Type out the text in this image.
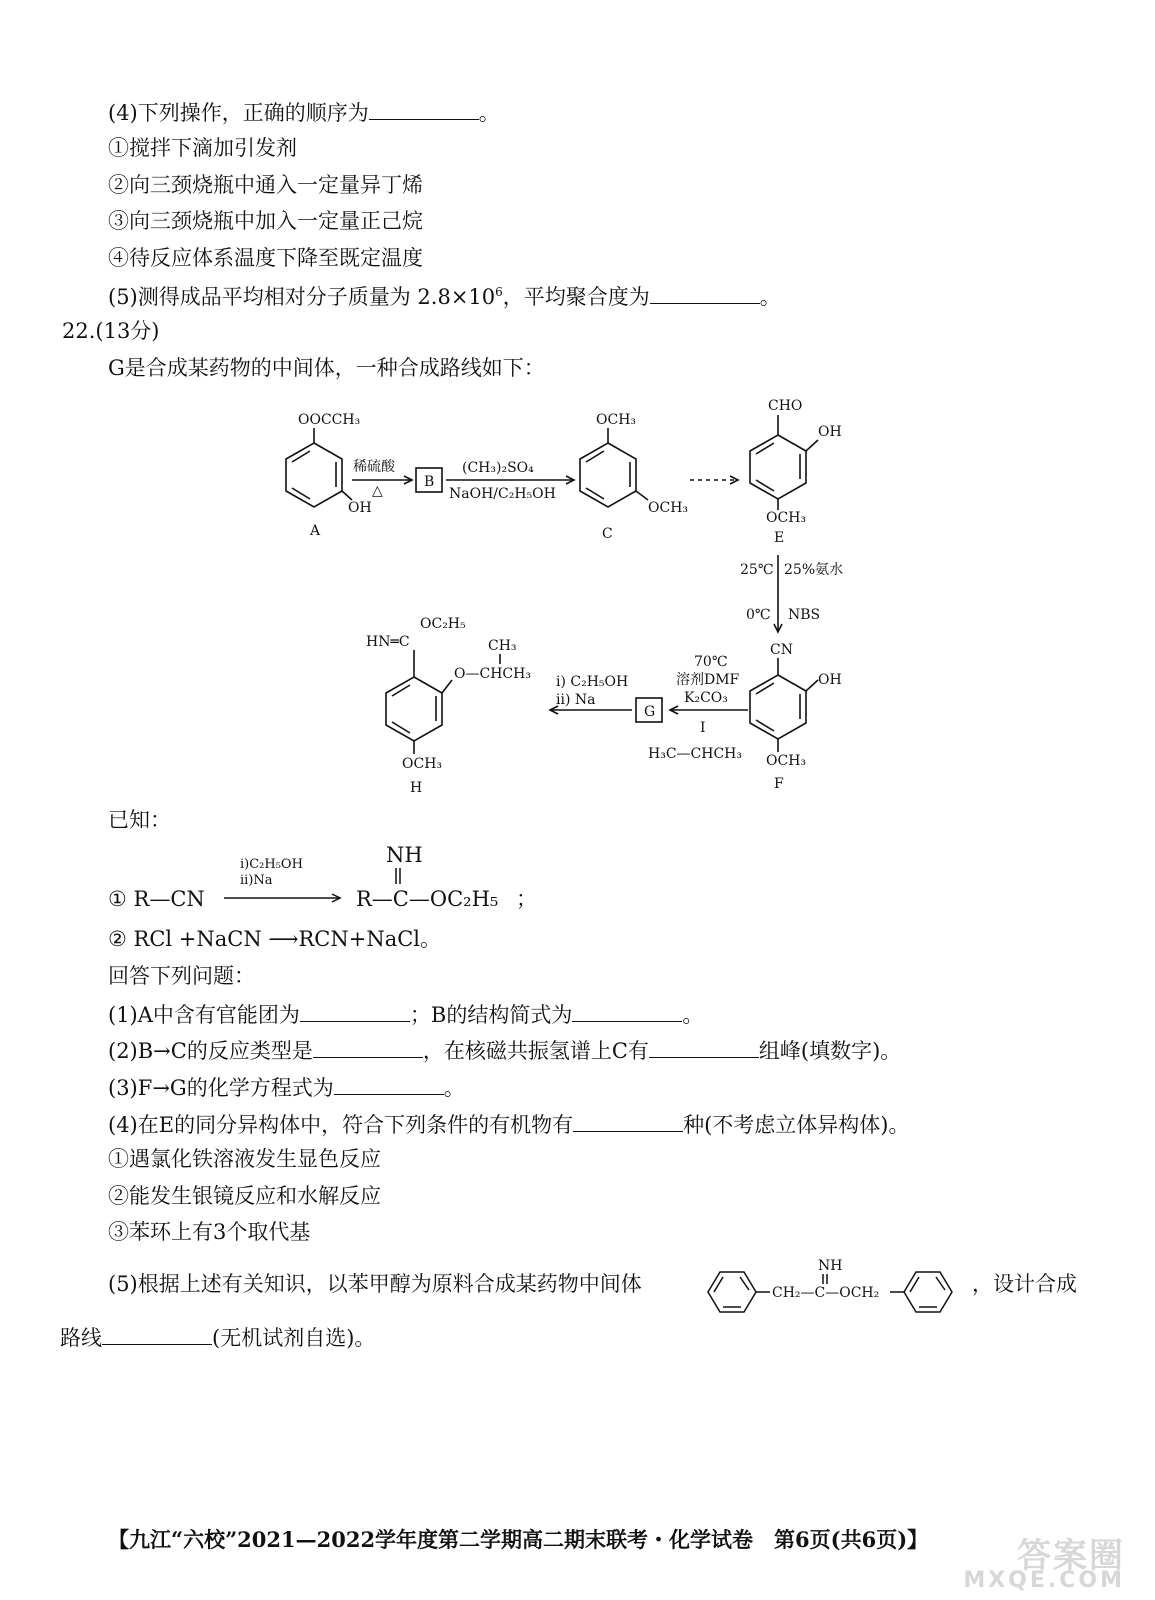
(4)下列操作，正确的顺序为	。
①搅拌下滴加引发剂
②向三颈烧瓶中通入一定量异丁烯
③向三颈烧瓶中加入一定量正己烷
④待反应体系温度下降至既定温度
(5)测得成品平均相对分子质量为 $2.8\times 10^6$，平均聚合度为	。
22.(13分)
G是合成某药物的中间体，一种合成路线如下：
OOCCH₃
OH
A
稀硫酸
△
B
(CH₃)₂SO₄
NaOH/C₂H₅OH
OCH₃
OCH₃
C
CHO
OH
OCH₃
E
25℃ 25%氨水
0℃ NBS
CN
OH
OCH₃
F
70℃
溶剂DMF
K₂CO₃
I
H₃C—CHCH₃
G
i) C₂H₅OH
ii) Na
HN═C
OC₂H₅
CH₃
O—CHCH₃
OCH₃
H
已知：
i)C₂H₅OH
ii)Na
① R—CN
NH
R—C—OC₂H₅ ；
② RCl +NaCN ⟶RCN+NaCl。
回答下列问题：
(1)A中含有官能团为	；B的结构简式为	。
(2)B→C的反应类型是	，在核磁共振氢谱上C有	组峰(填数字)。
(3)F→G的化学方程式为	。
(4)在E的同分异构体中，符合下列条件的有机物有	种(不考虑立体异构体)。
①遇氯化铁溶液发生显色反应
②能发生银镜反应和水解反应
③苯环上有3个取代基
(5)根据上述有关知识，以苯甲醇为原料合成某药物中间体
NH
CH₂—C—OCH₂	，设计合成
路线	(无机试剂自选)。
【九江“六校”2021—2022学年度第二学期高二期末联考・化学试卷　第6页(共6页)】	答案圈
MXQE.COM
